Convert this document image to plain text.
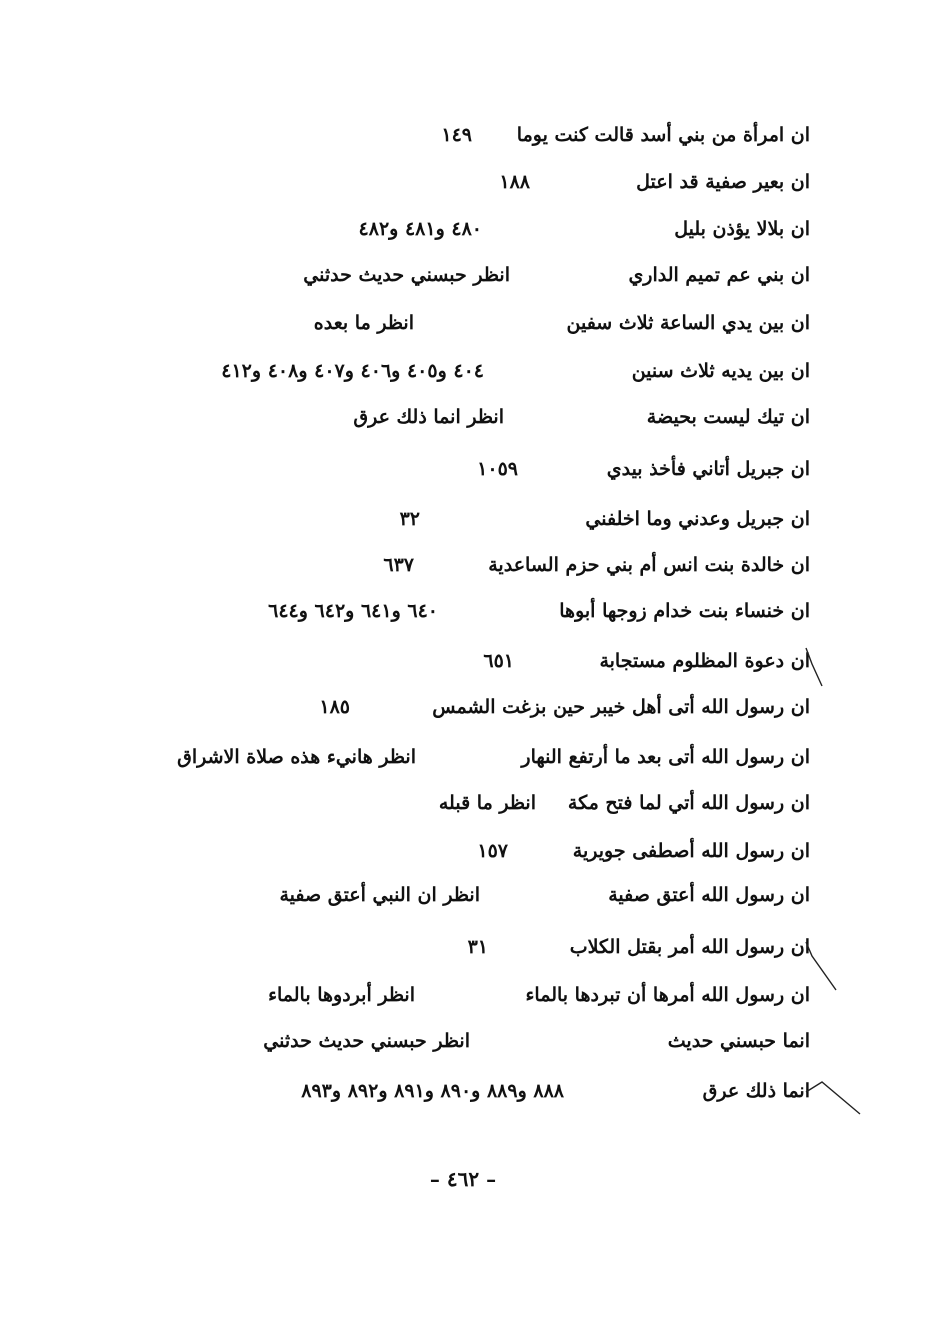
ان امرأة من بني أسد قالت كنت يوما
١٤٩
ان بعير صفية قد اعتل
١٨٨
ان بلالا يؤذن بليل
٤٨٠ و٤٨١ و٤٨٢
ان بني عم تميم الداري
انظر حبسني حديث حدثني
ان بين يدي الساعة ثلاث سفين
انظر ما بعده
ان بين يديه ثلاث سنين
٤٠٤ و٤٠٥ و٤٠٦ و٤٠٧ و٤٠٨ و٤١٢
ان تيك ليست بحيضة
انظر انما ذلك عرق
ان جبريل أتاني فأخذ بيدي
١٠٥٩
ان جبريل وعدني وما اخلفني
٣٢
ان خالدة بنت انس أم بني حزم الساعدية
٦٣٧
ان خنساء بنت خدام زوجها أبوها
٦٤٠ و٦٤١ و٦٤٢ و٦٤٤
ان دعوة المظلوم مستجابة
٦٥١
ان رسول الله أتى أهل خيبر حين بزغت الشمس
١٨٥
ان رسول الله أتى بعد ما أرتفع النهار
انظر هانيء هذه صلاة الاشراق
ان رسول الله أتي لما فتح مكة
انظر ما قبله
ان رسول الله أصطفى جويرية
١٥٧
ان رسول الله أعتق صفية
انظر ان النبي أعتق صفية
ان رسول الله أمر بقتل الكلاب
٣١
ان رسول الله أمرها أن تبردها بالماء
انظر أبردوها بالماء
انما حبسني حديث
انظر حبسني حديث حدثني
انما ذلك عرق
٨٨٨ و٨٨٩ و٨٩٠ و٨٩١ و٨٩٢ و٨٩٣
– ٤٦٢ –
